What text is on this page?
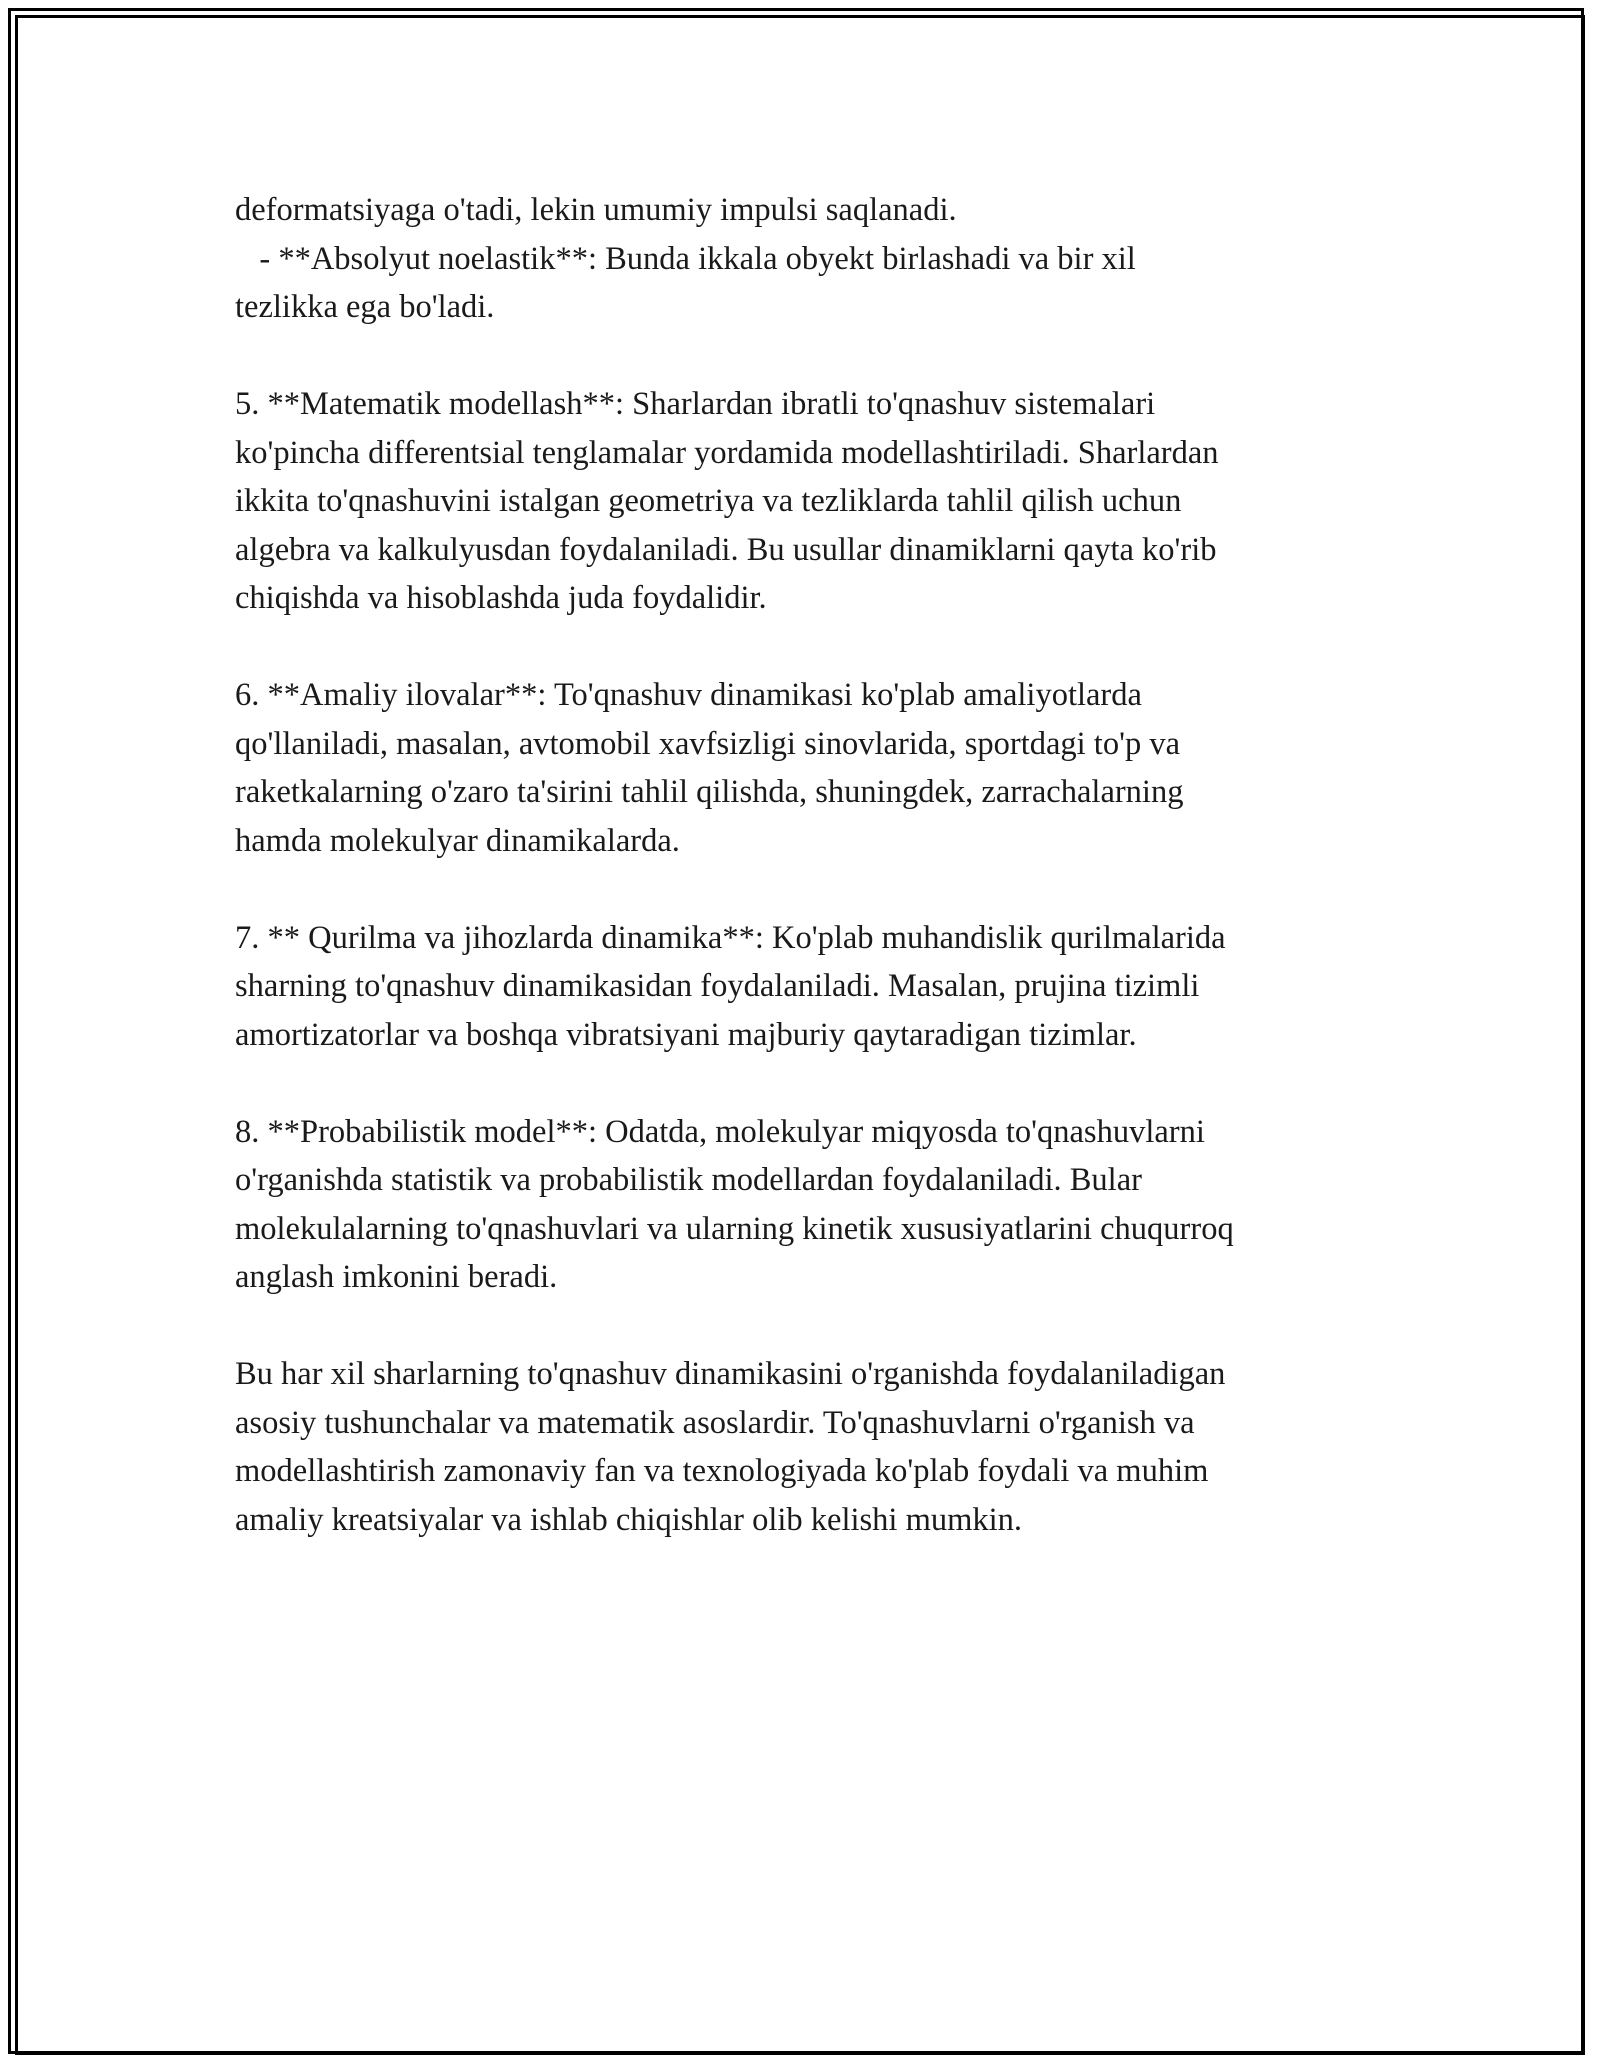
deformatsiyaga o'tadi, lekin umumiy impulsi saqlanadi.
- **Absolyut noelastik**: Bunda ikkala obyekt birlashadi va bir xil
tezlikka ega bo'ladi.
5. **Matematik modellash**: Sharlardan ibratli to'qnashuv sistemalari
ko'pincha differentsial tenglamalar yordamida modellashtiriladi. Sharlardan
ikkita to'qnashuvini istalgan geometriya va tezliklarda tahlil qilish uchun
algebra va kalkulyusdan foydalaniladi. Bu usullar dinamiklarni qayta ko'rib
chiqishda va hisoblashda juda foydalidir.
6. **Amaliy ilovalar**: To'qnashuv dinamikasi ko'plab amaliyotlarda
qo'llaniladi, masalan, avtomobil xavfsizligi sinovlarida, sportdagi to'p va
raketkalarning o'zaro ta'sirini tahlil qilishda, shuningdek, zarrachalarning
hamda molekulyar dinamikalarda.
7. ** Qurilma va jihozlarda dinamika**: Ko'plab muhandislik qurilmalarida
sharning to'qnashuv dinamikasidan foydalaniladi. Masalan, prujina tizimli
amortizatorlar va boshqa vibratsiyani majburiy qaytaradigan tizimlar.
8. **Probabilistik model**: Odatda, molekulyar miqyosda to'qnashuvlarni
o'rganishda statistik va probabilistik modellardan foydalaniladi. Bular
molekulalarning to'qnashuvlari va ularning kinetik xususiyatlarini chuqurroq
anglash imkonini beradi.
Bu har xil sharlarning to'qnashuv dinamikasini o'rganishda foydalaniladigan
asosiy tushunchalar va matematik asoslardir. To'qnashuvlarni o'rganish va
modellashtirish zamonaviy fan va texnologiyada ko'plab foydali va muhim
amaliy kreatsiyalar va ishlab chiqishlar olib kelishi mumkin.
